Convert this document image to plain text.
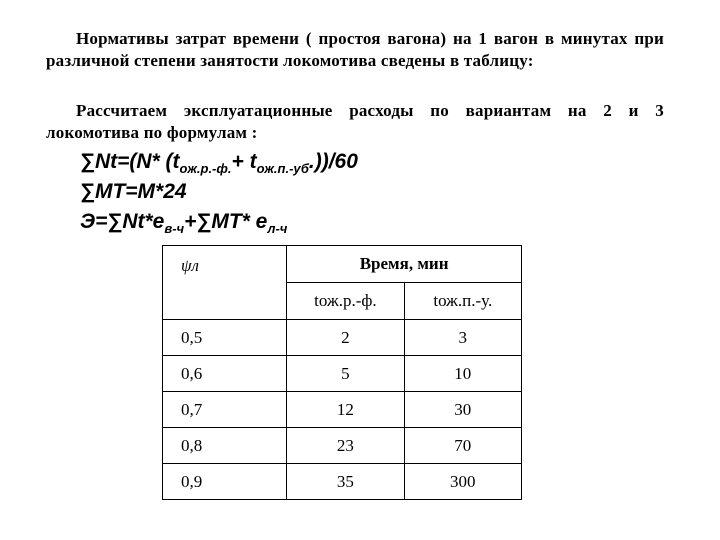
Нормативы затрат времени ( простоя вагона) на 1 вагон в минутах при различной степени занятости локомотива сведены в таблицу:
Рассчитаем эксплуатационные расходы по вариантам на 2 и 3 локомотива по формулам :
∑Nt=(N* $(t_{ож.р.-ф.}+ t_{ож.п.-уб}.))/60$
∑MT=M*24
$Э=\sum Nt*e_{в-ч}+\sum MT*$ $e_{л-ч}$
ψл	Время, мин	
	tож.р.-ф.	tож.п.-у.
0,5	2	3
0,6	5	10
0,7	12	30
0,8	23	70
0,9	35	300
